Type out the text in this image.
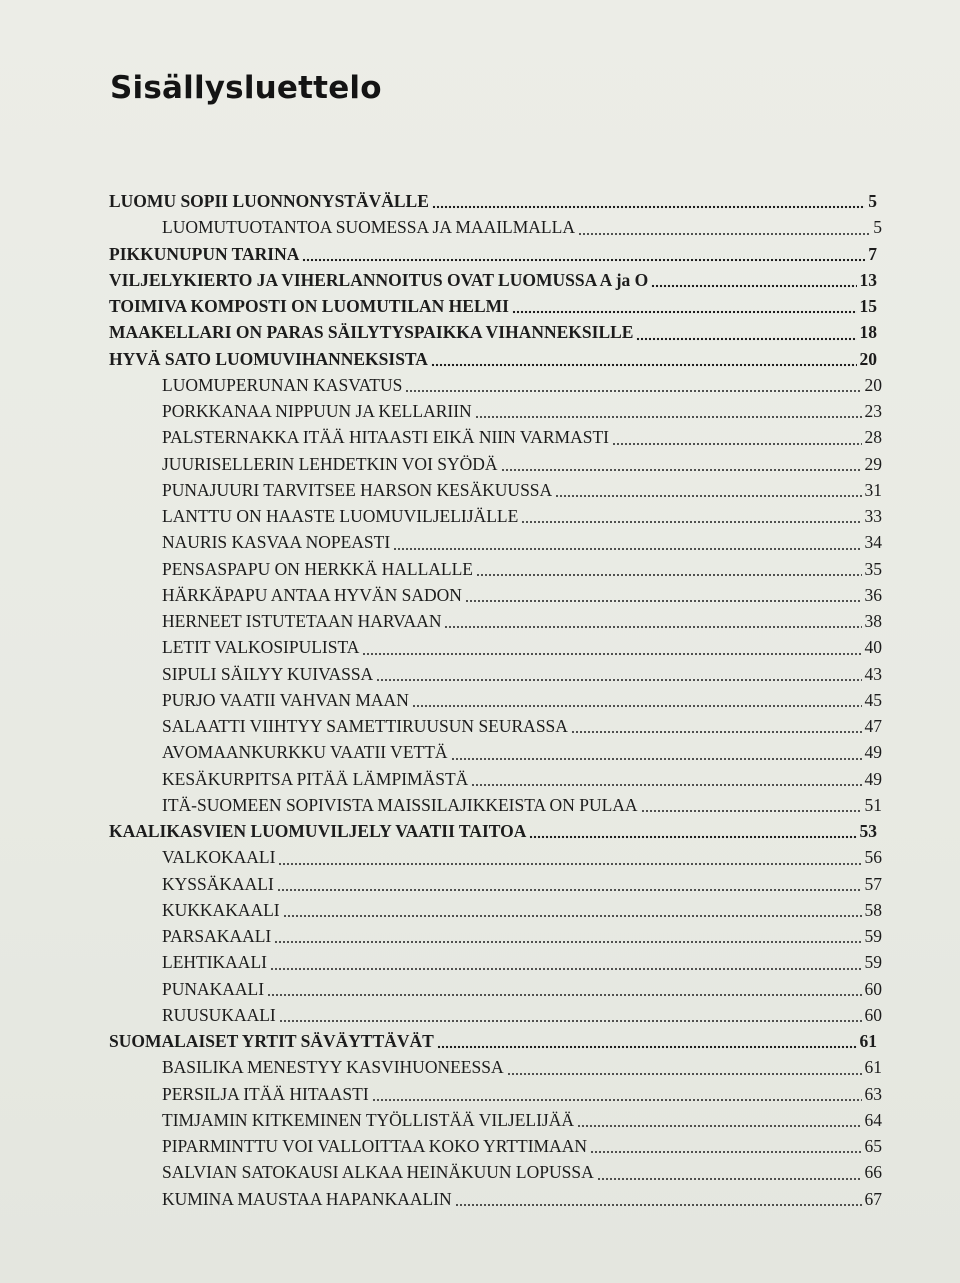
Sisällysluettelo
LUOMU SOPII LUONNONYSTÄVÄLLE	5
LUOMUTUOTANTOA SUOMESSA JA MAAILMALLA	5
PIKKUNUPUN TARINA	7
VILJELYKIERTO JA VIHERLANNOITUS OVAT LUOMUSSA A ja O	13
TOIMIVA KOMPOSTI ON LUOMUTILAN HELMI	15
MAAKELLARI ON PARAS SÄILYTYSPAIKKA VIHANNEKSILLE	18
HYVÄ SATO LUOMUVIHANNEKSISTA	20
LUOMUPERUNAN KASVATUS	20
PORKKANAA NIPPUUN JA KELLARIIN	23
PALSTERNAKKA ITÄÄ HITAASTI EIKÄ NIIN VARMASTI	28
JUURISELLERIN LEHDETKIN VOI SYÖDÄ	29
PUNAJUURI TARVITSEE HARSON KESÄKUUSSA	31
LANTTU ON HAASTE LUOMUVILJELIJÄLLE	33
NAURIS KASVAA NOPEASTI	34
PENSASPAPU ON HERKKÄ HALLALLE	35
HÄRKÄPAPU ANTAA HYVÄN SADON	36
HERNEET ISTUTETAAN HARVAAN	38
LETIT VALKOSIPULISTA	40
SIPULI SÄILYY KUIVASSA	43
PURJO VAATII VAHVAN MAAN	45
SALAATTI VIIHTYY SAMETTIRUUSUN SEURASSA	47
AVOMAANKURKKU VAATII VETTÄ	49
KESÄKURPITSA PITÄÄ LÄMPIMÄSTÄ	49
ITÄ-SUOMEEN SOPIVISTA MAISSILAJIKKEISTA ON PULAA	51
KAALIKASVIEN LUOMUVILJELY VAATII TAITOA	53
VALKOKAALI	56
KYSSÄKAALI	57
KUKKAKAALI	58
PARSAKAALI	59
LEHTIKAALI	59
PUNAKAALI	60
RUUSUKAALI	60
SUOMALAISET YRTIT SÄVÄYTTÄVÄT	61
BASILIKA MENESTYY KASVIHUONEESSA	61
PERSILJA ITÄÄ HITAASTI	63
TIMJAMIN KITKEMINEN TYÖLLISTÄÄ VILJELIJÄÄ	64
PIPARMINTTU VOI VALLOITTAA KOKO YRTTIMAAN	65
SALVIAN SATOKAUSI ALKAA HEINÄKUUN LOPUSSA	66
KUMINA MAUSTAA HAPANKAALIN	67
